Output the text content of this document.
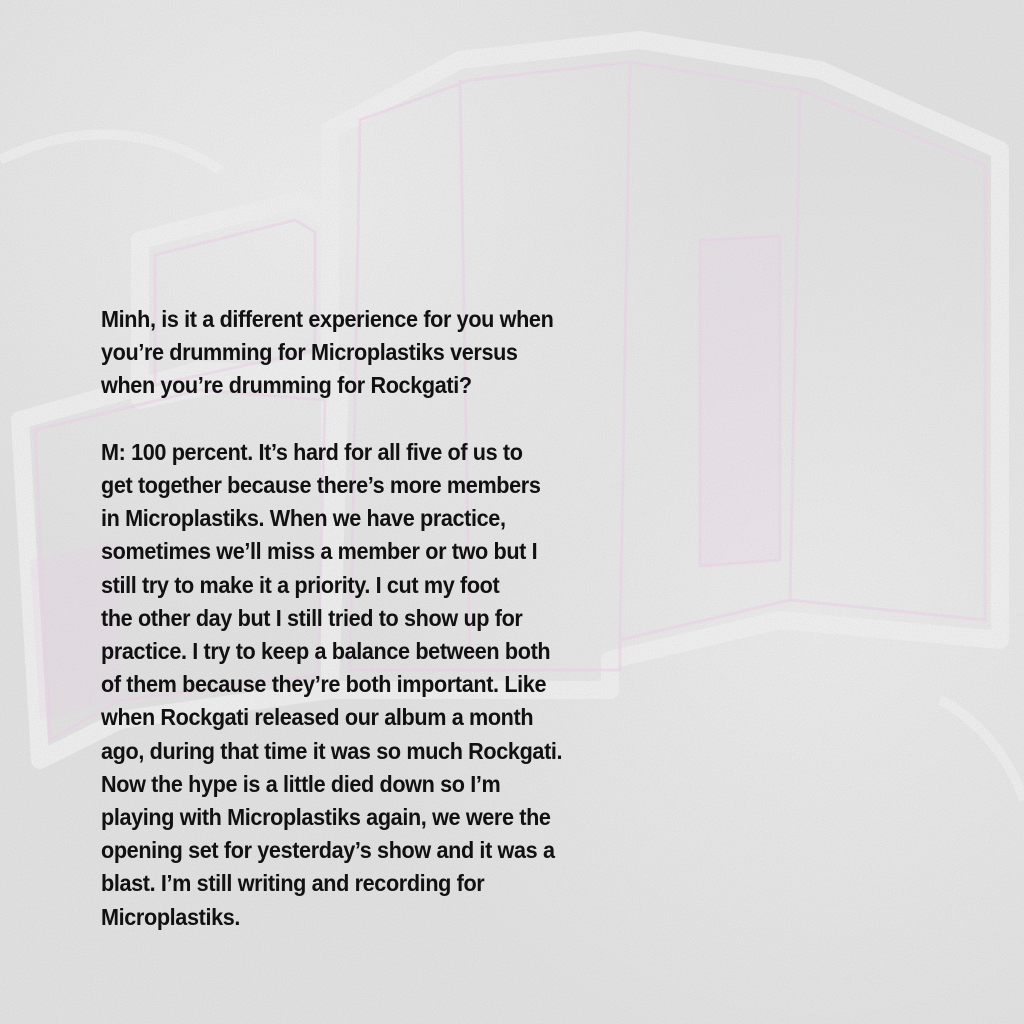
Minh, is it a different experience for you when
you’re drumming for Microplastiks versus
when you’re drumming for Rockgati?
M: 100 percent. It’s hard for all five of us to
get together because there’s more members
in Microplastiks. When we have practice,
sometimes we’ll miss a member or two but I
still try to make it a priority. I cut my foot
the other day but I still tried to show up for
practice. I try to keep a balance between both
of them because they’re both important. Like
when Rockgati released our album a month
ago, during that time it was so much Rockgati.
Now the hype is a little died down so I’m
playing with Microplastiks again, we were the
opening set for yesterday’s show and it was a
blast. I’m still writing and recording for
Microplastiks.
